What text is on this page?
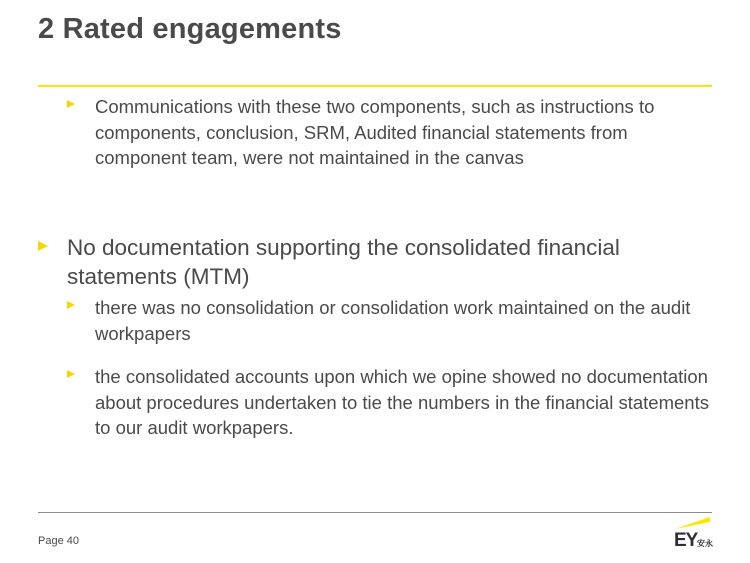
2 Rated engagements
Communications with these two components, such as instructions to components, conclusion, SRM, Audited financial statements from component team, were not maintained in the canvas
No documentation supporting the consolidated financial statements (MTM)
there was no consolidation or consolidation work maintained on the audit workpapers
the consolidated accounts upon which we opine showed no documentation about procedures undertaken to tie the numbers in the financial statements to our audit workpapers.
Page 40	EY 安永
